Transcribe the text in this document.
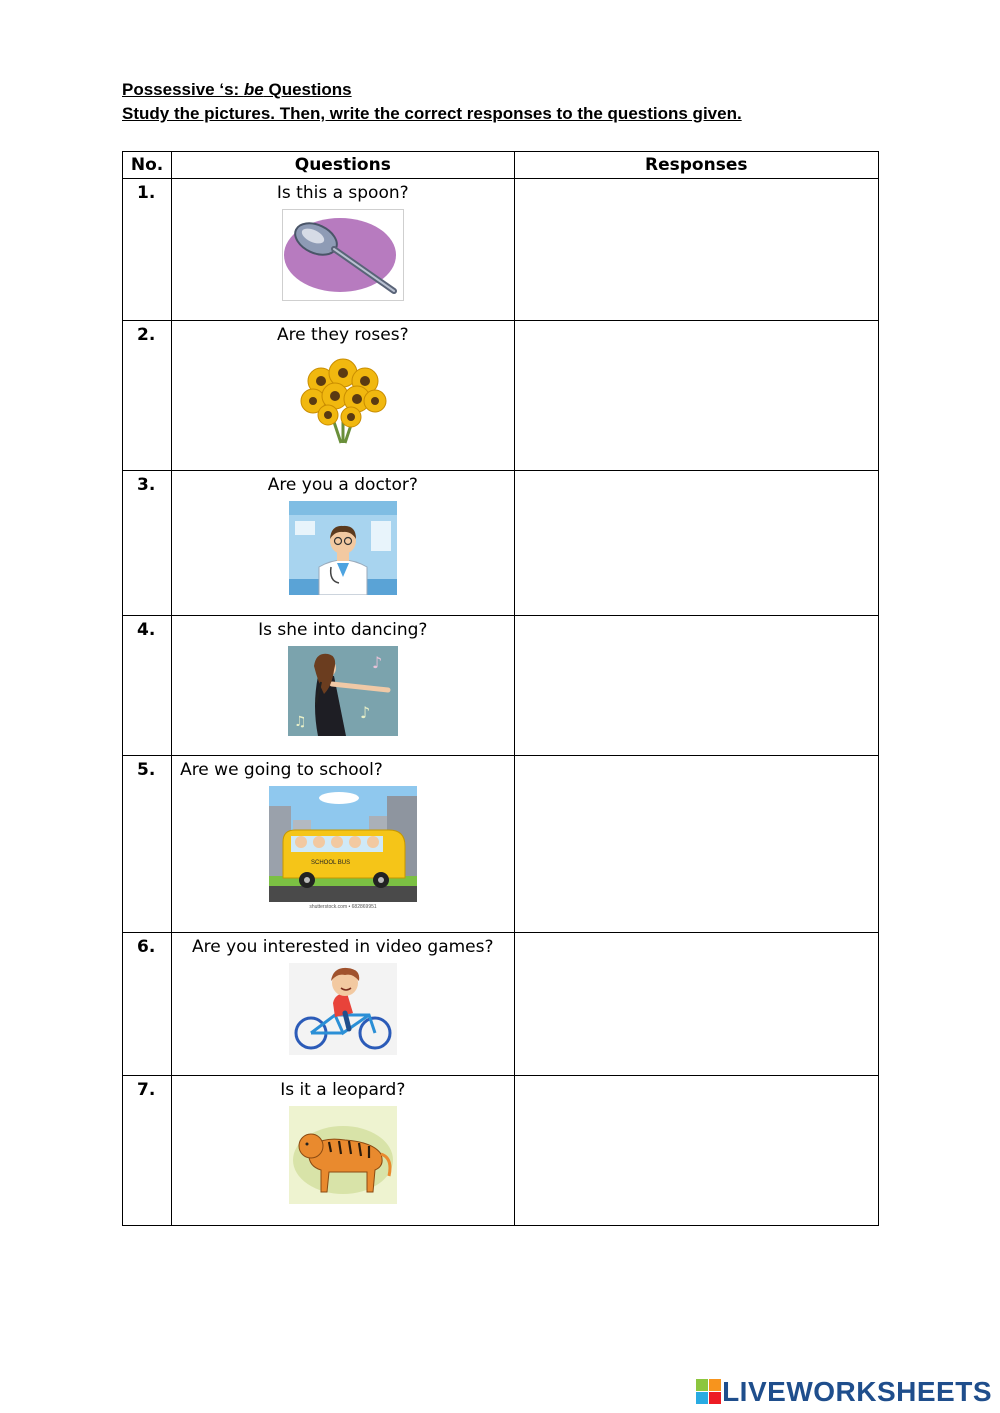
Possessive ‘s: be Questions
Study the pictures. Then, write the correct responses to the questions given.
No.	Questions	Responses
1.	Is this a spoon?	

2.	Are they roses?	

3.	Are you a doctor?	

4.	Is she into dancing?
♪
♪
♫	

5.	Are we going to school?
SCHOOL BUS
shutterstock.com • 682869951	

6.	Are you interested in video games?	

7.	Is it a leopard?	

LIVEWORKSHEETS
